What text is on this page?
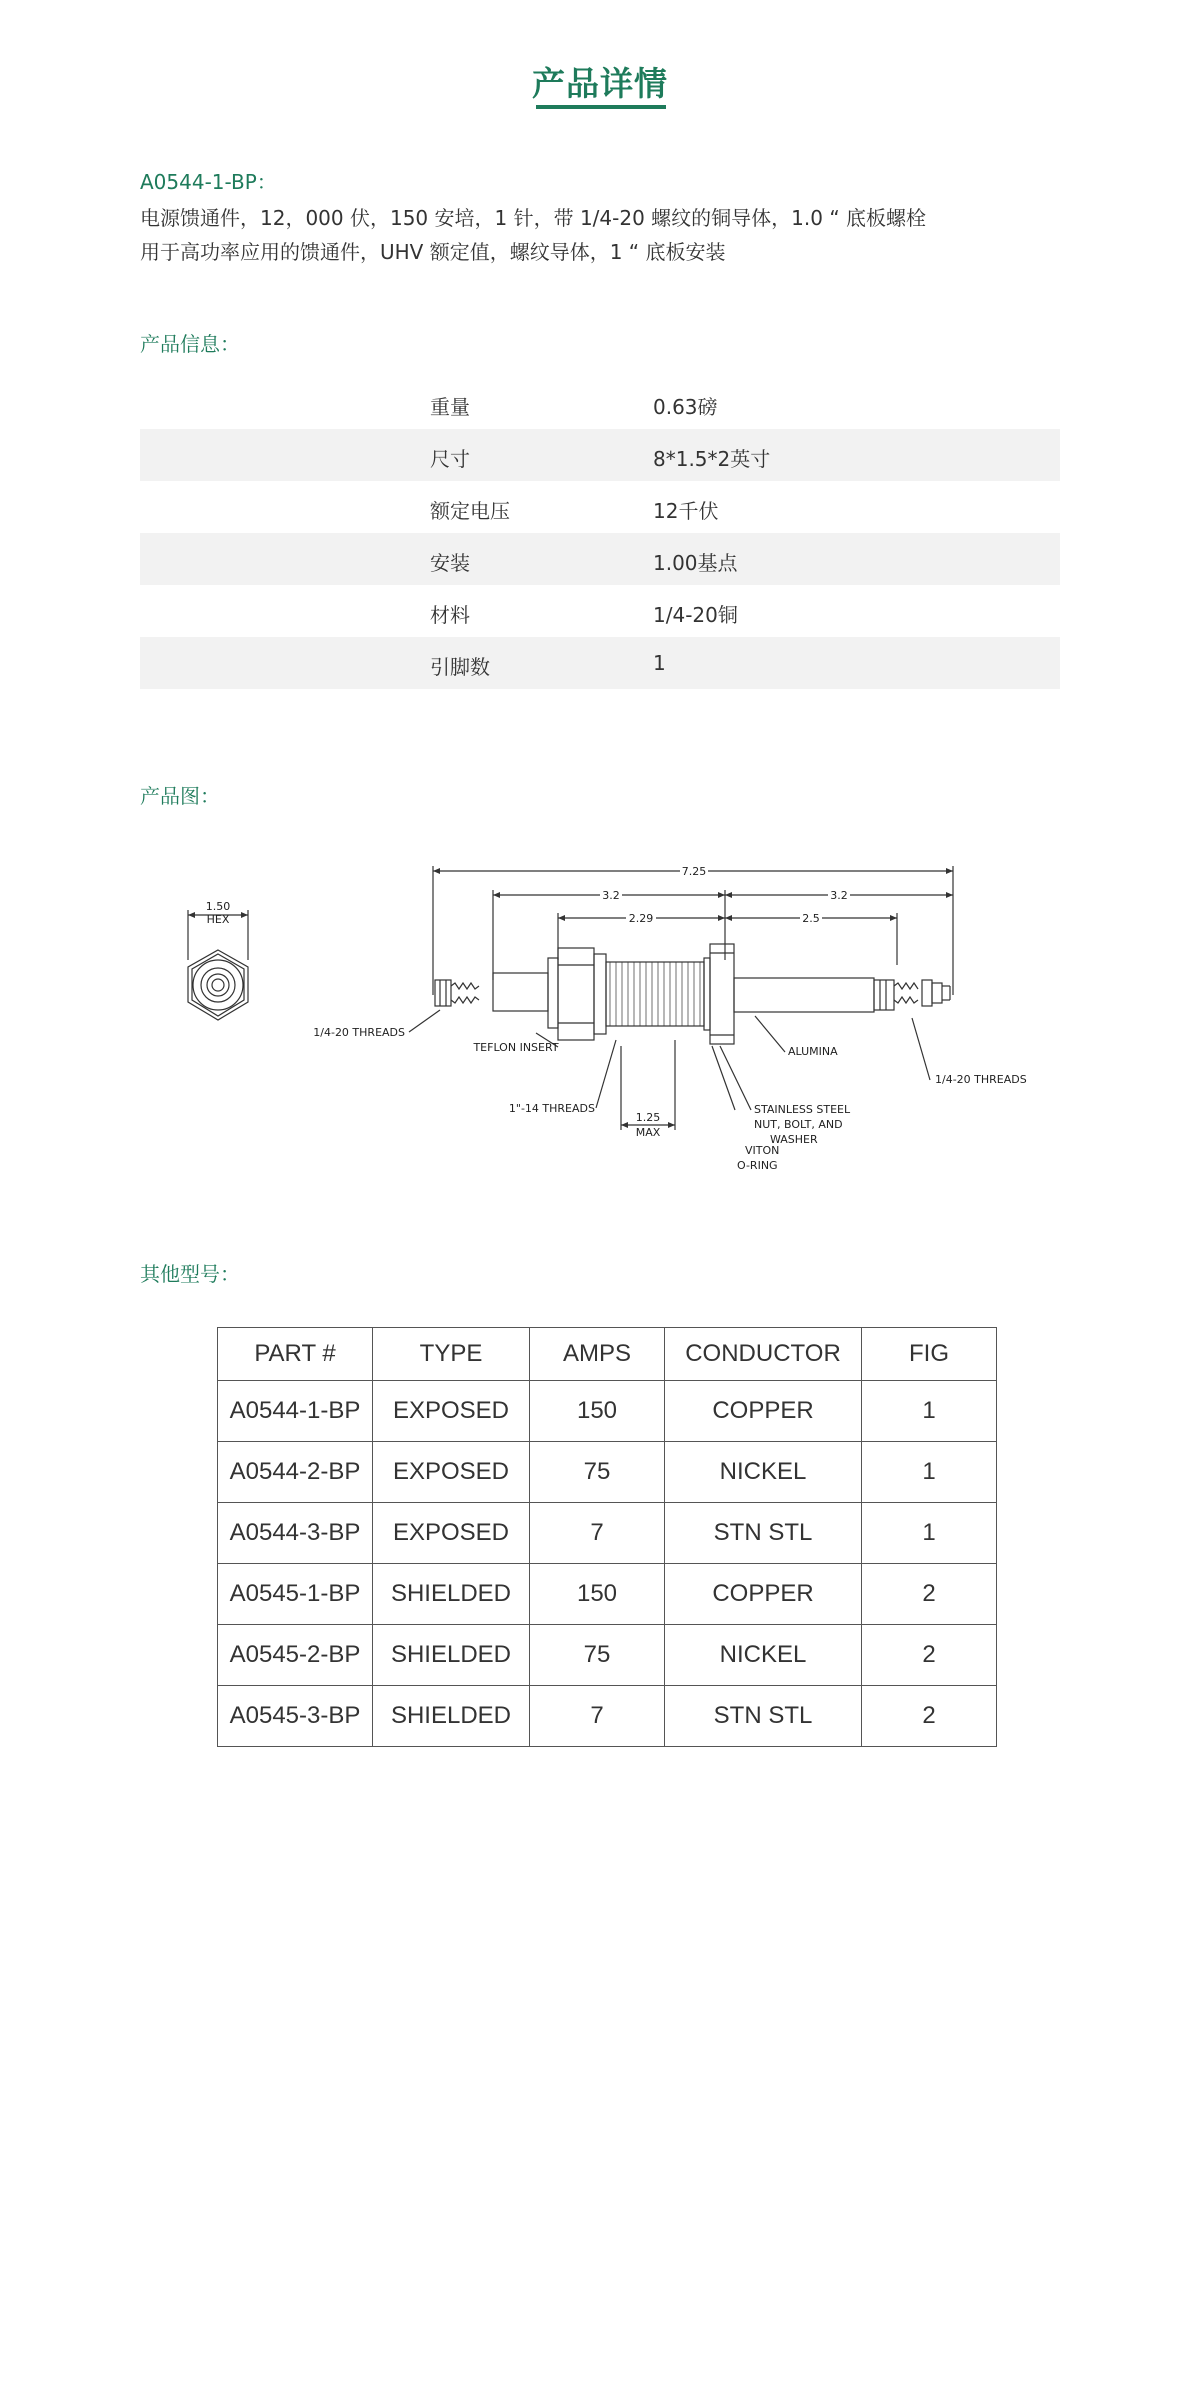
产品详情
A0544-1-BP：
电源馈通件，12，000 伏，150 安培，1 针，带 1/4-20 螺纹的铜导体，1.0 “ 底板螺栓
用于高功率应用的馈通件，UHV 额定值，螺纹导体，1 “ 底板安装
产品信息：
重量	0.63磅
尺寸	8*1.5*2英寸
额定电压	12千伏
安装	1.00基点
材料	1/4-20铜
引脚数	1
产品图：
1.50
HEX
7.25
3.2	3.2
2.29	2.5
1.25
MAX
1/4-20 THREADS
TEFLON INSERT
1"-14 THREADS	STAINLESS STEEL
NUT, BOLT, AND
WASHER
VITON
O-RING
ALUMINA
1/4-20 THREADS
其他型号：
PART #	TYPE	AMPS	CONDUCTOR	FIG
A0544-1-BP	EXPOSED	150	COPPER	1
A0544-2-BP	EXPOSED	75	NICKEL	1
A0544-3-BP	EXPOSED	7	STN STL	1
A0545-1-BP	SHIELDED	150	COPPER	2
A0545-2-BP	SHIELDED	75	NICKEL	2
A0545-3-BP	SHIELDED	7	STN STL	2
